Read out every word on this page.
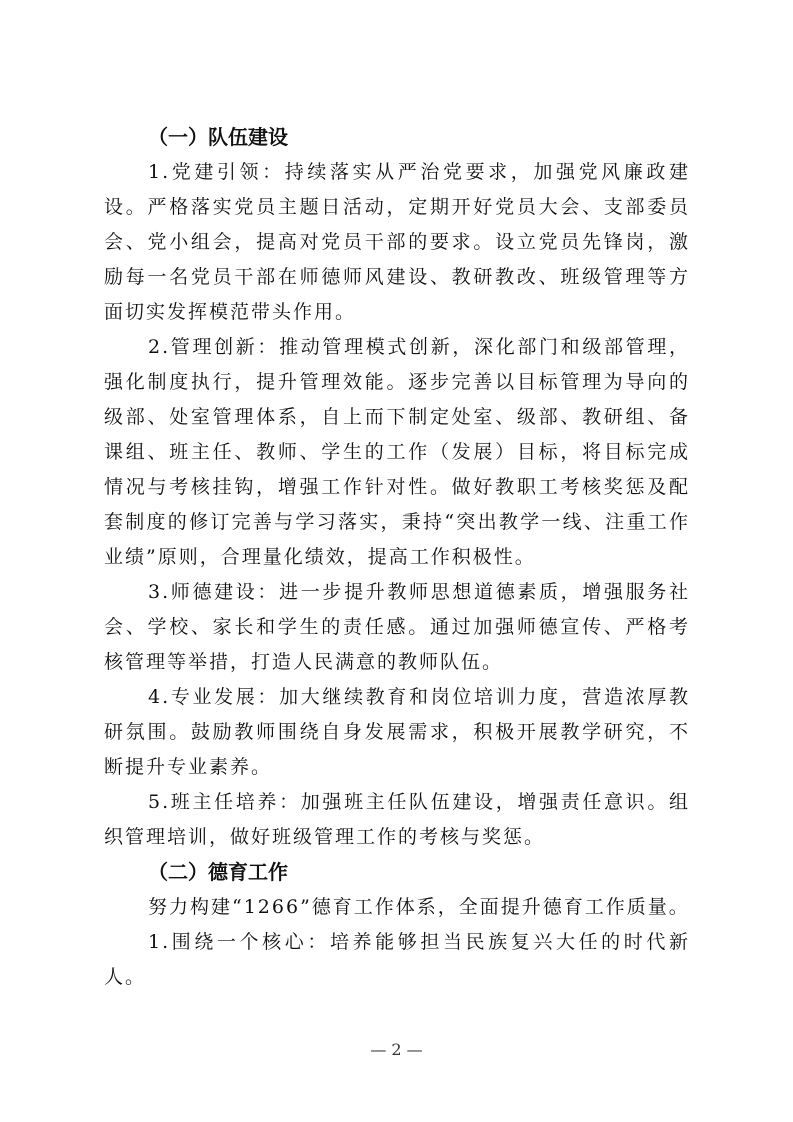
（一）队伍建设

1.党建引领：持续落实从严治党要求，加强党风廉政建设。严格落实党员主题日活动，定期开好党员大会、支部委员会、党小组会，提高对党员干部的要求。设立党员先锋岗，激励每一名党员干部在师德师风建设、教研教改、班级管理等方面切实发挥模范带头作用。

2.管理创新：推动管理模式创新，深化部门和级部管理，强化制度执行，提升管理效能。逐步完善以目标管理为导向的级部、处室管理体系，自上而下制定处室、级部、教研组、备课组、班主任、教师、学生的工作（发展）目标，将目标完成情况与考核挂钩，增强工作针对性。做好教职工考核奖惩及配套制度的修订完善与学习落实，秉持“突出教学一线、注重工作业绩”原则，合理量化绩效，提高工作积极性。

3.师德建设：进一步提升教师思想道德素质，增强服务社会、学校、家长和学生的责任感。通过加强师德宣传、严格考核管理等举措，打造人民满意的教师队伍。

4.专业发展：加大继续教育和岗位培训力度，营造浓厚教研氛围。鼓励教师围绕自身发展需求，积极开展教学研究，不断提升专业素养。

5.班主任培养：加强班主任队伍建设，增强责任意识。组织管理培训，做好班级管理工作的考核与奖惩。

（二）德育工作

努力构建“1266”德育工作体系，全面提升德育工作质量。

1.围绕一个核心：培养能够担当民族复兴大任的时代新人。

— 2 —
